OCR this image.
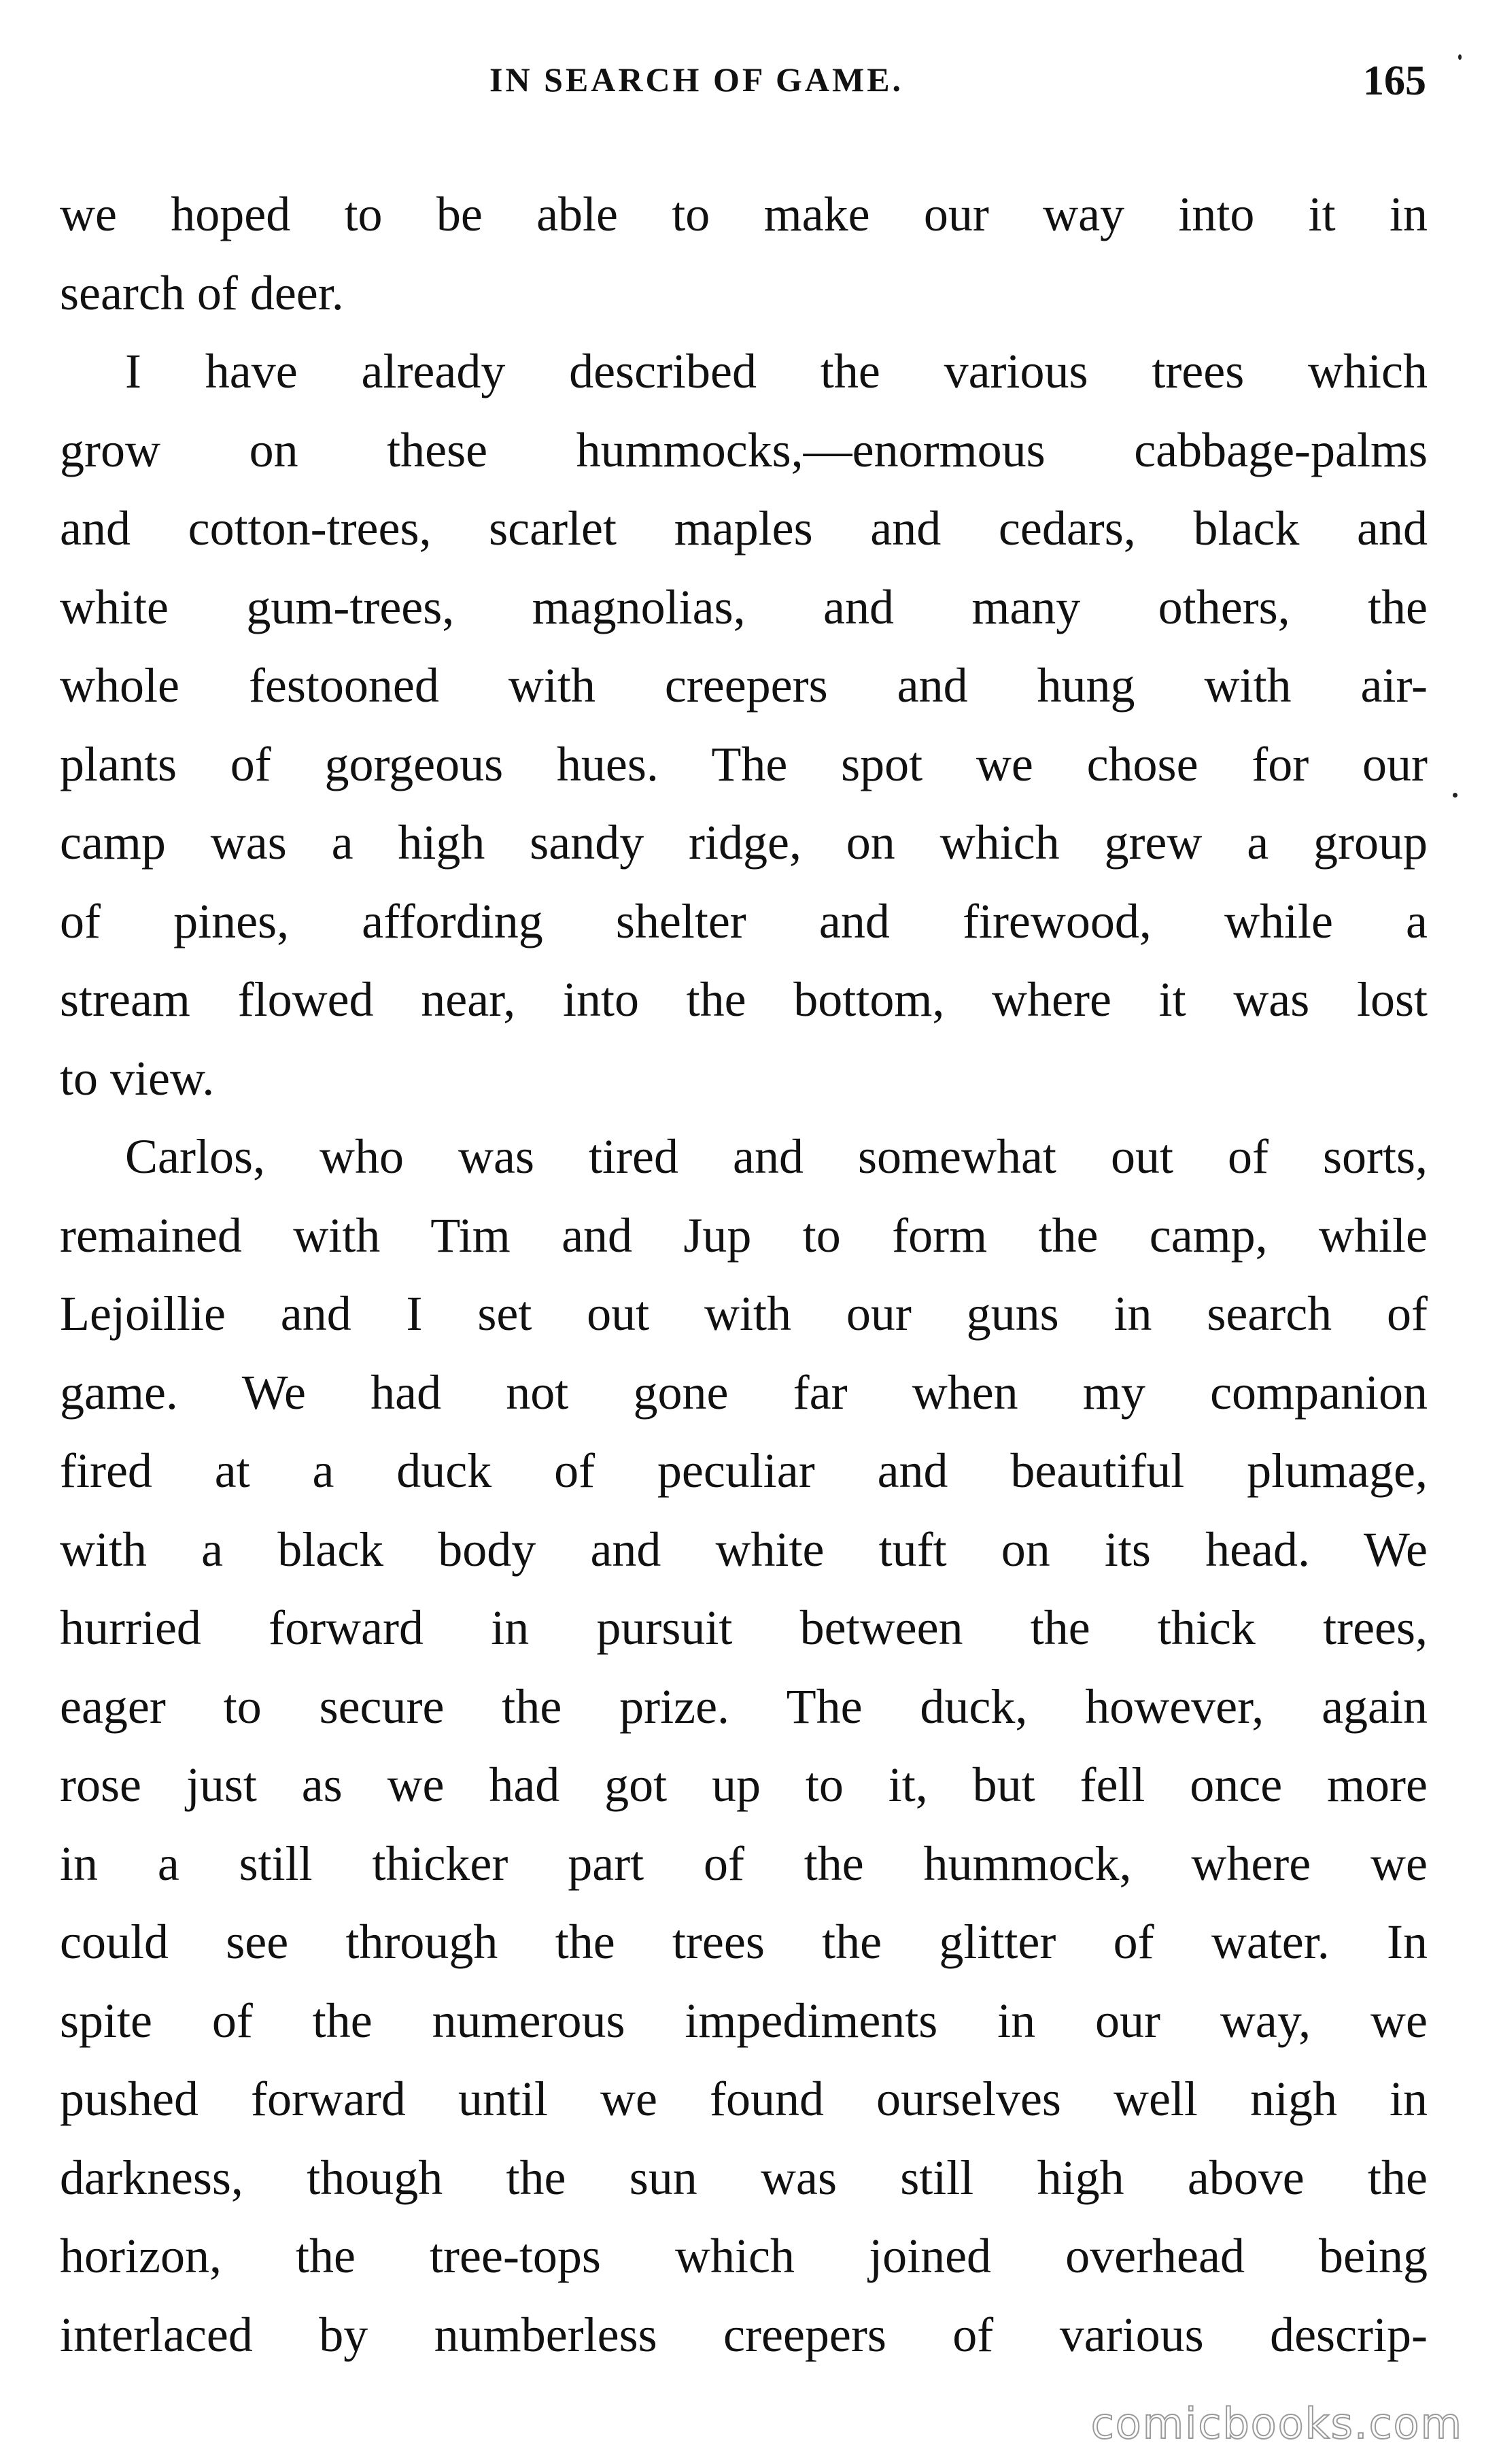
IN SEARCH OF GAME.	165
we hoped to be able to make our way into it in
search of deer.
I have already described the various trees which
grow on these hummocks,—enormous cabbage-palms
and cotton-trees, scarlet maples and cedars, black and
white gum-trees, magnolias, and many others, the
whole festooned with creepers and hung with air-
plants of gorgeous hues. The spot we chose for our
camp was a high sandy ridge, on which grew a group
of pines, affording shelter and firewood, while a
stream flowed near, into the bottom, where it was lost
to view.
Carlos, who was tired and somewhat out of sorts,
remained with Tim and Jup to form the camp, while
Lejoillie and I set out with our guns in search of
game. We had not gone far when my companion
fired at a duck of peculiar and beautiful plumage,
with a black body and white tuft on its head. We
hurried forward in pursuit between the thick trees,
eager to secure the prize. The duck, however, again
rose just as we had got up to it, but fell once more
in a still thicker part of the hummock, where we
could see through the trees the glitter of water. In
spite of the numerous impediments in our way, we
pushed forward until we found ourselves well nigh in
darkness, though the sun was still high above the
horizon, the tree-tops which joined overhead being
interlaced by numberless creepers of various descrip-
comicbooks.com
